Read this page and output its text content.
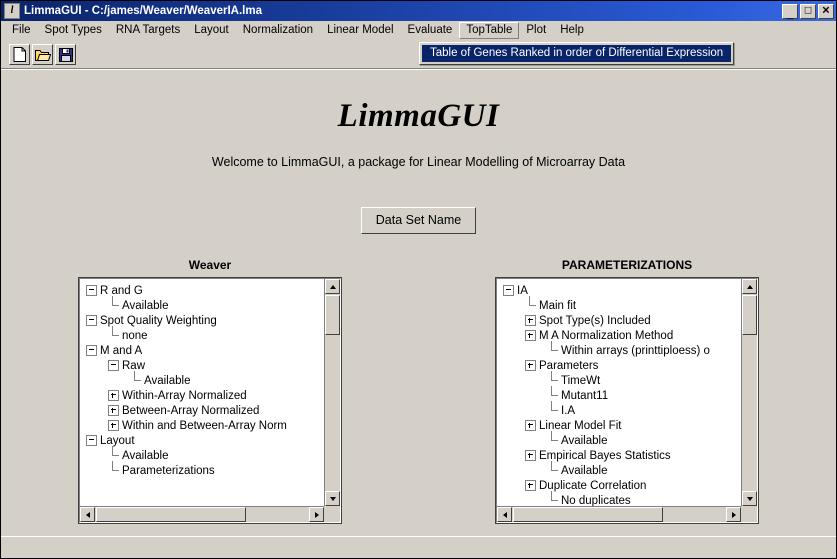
l LimmaGUI - C:/james/Weaver/WeaverIA.lma	_	☐ ✕
File	Spot Types	RNA Targets	Layout	Normalization	Linear Model	Evaluate	TopTable	Plot	Help
Table of Genes Ranked in order of Differential Expression
LimmaGUI
Welcome to LimmaGUI, a package for Linear Modelling of Microarray Data
Data Set Name
Weaver
R and G
Available
Spot Quality Weighting
none
M and A
Raw
Available
Within-Array Normalized
Between-Array Normalized
Within and Between-Array Norm
Layout
Available
Parameterizations
PARAMETERIZATIONS
IA
Main fit
Spot Type(s) Included
M A Normalization Method
Within arrays (printtiploess) o
Parameters
TimeWt
Mutant11
I.A
Linear Model Fit
Available
Empirical Bayes Statistics
Available
Duplicate Correlation
No duplicates
